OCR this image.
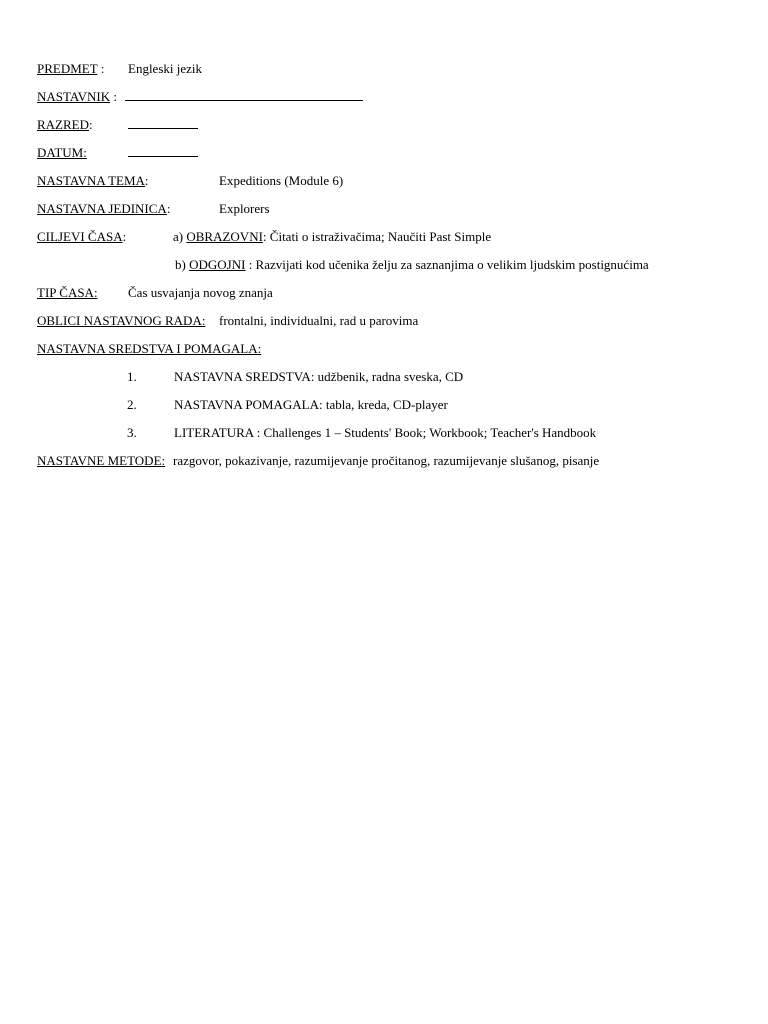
PREDMET : Engleski jezik
NASTAVNIK :
RAZRED:
DATUM:
NASTAVNA TEMA:	Expeditions (Module 6)
NASTAVNA JEDINICA:	Explorers
CILJEVI ČASA:	a) OBRAZOVNI: Čitati o istraživačima; Naučiti Past Simple
b) ODGOJNI : Razvijati kod učenika želju za saznanjima o velikim ljudskim postignućima
TIP ČASA: Čas usvajanja novog znanja
OBLICI NASTAVNOG RADA: frontalni, individualni, rad u parovima
NASTAVNA SREDSTVA I POMAGALA:
1.	NASTAVNA SREDSTVA: udžbenik, radna sveska, CD
2.	NASTAVNA POMAGALA: tabla, kreda, CD-player
3.	LITERATURA : Challenges 1 – Students' Book; Workbook; Teacher's Handbook
NASTAVNE METODE: razgovor, pokazivanje, razumijevanje pročitanog, razumijevanje slušanog, pisanje
